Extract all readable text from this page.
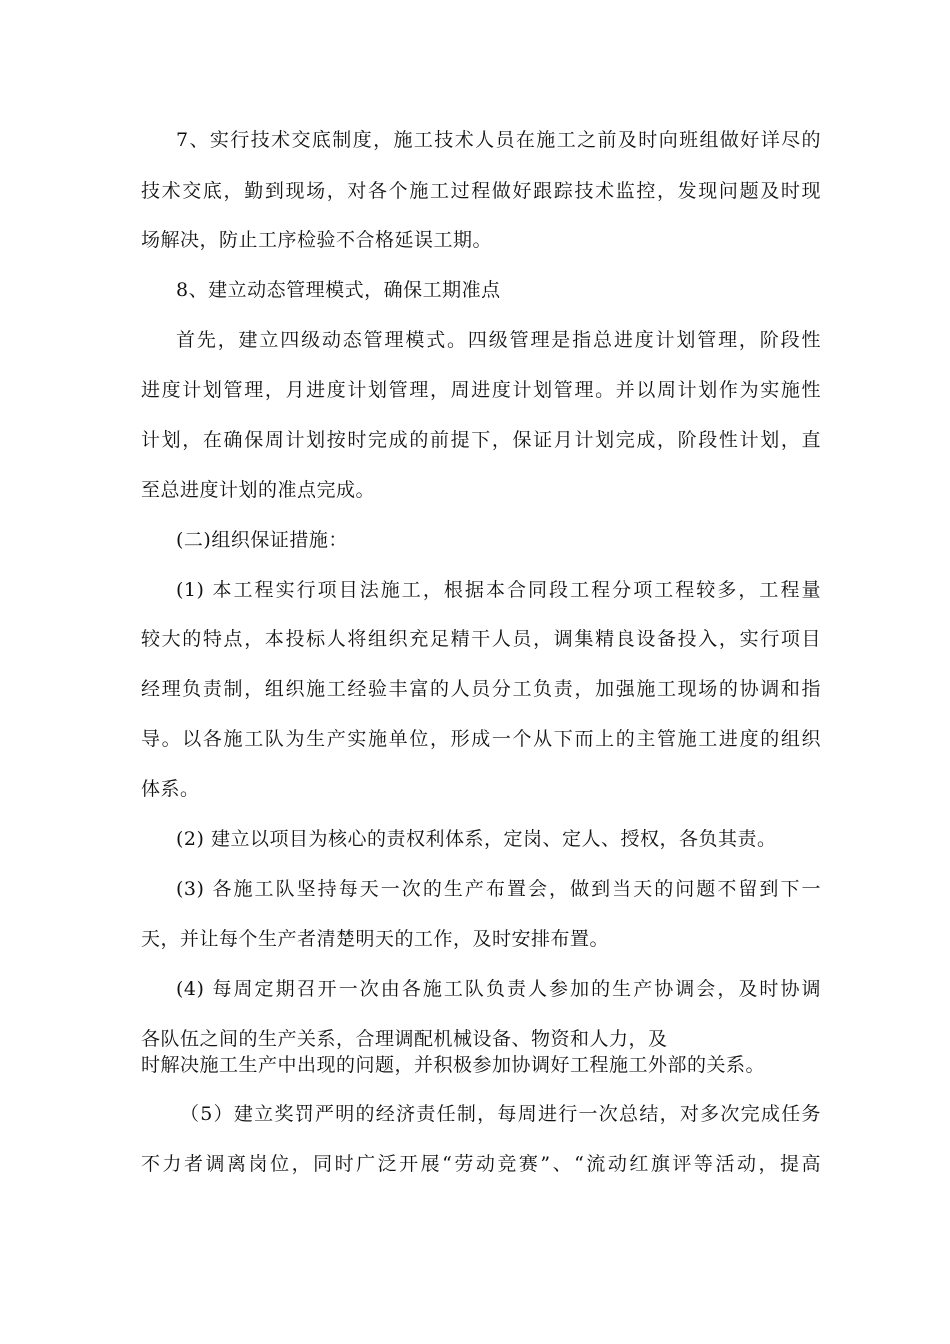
7、实行技术交底制度，施工技术人员在施工之前及时向班组做好详尽的
技术交底，勤到现场，对各个施工过程做好跟踪技术监控，发现问题及时现
场解决，防止工序检验不合格延误工期。
8、建立动态管理模式，确保工期准点
首先，建立四级动态管理模式。四级管理是指总进度计划管理，阶段性
进度计划管理，月进度计划管理，周进度计划管理。并以周计划作为实施性
计划，在确保周计划按时完成的前提下，保证月计划完成，阶段性计划，直
至总进度计划的准点完成。
(二)组织保证措施：
(1) 本工程实行项目法施工，根据本合同段工程分项工程较多，工程量
较大的特点，本投标人将组织充足精干人员，调集精良设备投入，实行项目
经理负责制，组织施工经验丰富的人员分工负责，加强施工现场的协调和指
导。以各施工队为生产实施单位，形成一个从下而上的主管施工进度的组织
体系。
(2) 建立以项目为核心的责权利体系，定岗、定人、授权，各负其责。
(3) 各施工队坚持每天一次的生产布置会，做到当天的问题不留到下一
天，并让每个生产者清楚明天的工作，及时安排布置。
(4) 每周定期召开一次由各施工队负责人参加的生产协调会，及时协调
各队伍之间的生产关系，合理调配机械设备、物资和人力，及
时解决施工生产中出现的问题，并积极参加协调好工程施工外部的关系。
（5）建立奖罚严明的经济责任制，每周进行一次总结，对多次完成任务
不力者调离岗位，同时广泛开展“劳动竞赛”、“流动红旗评等活动，提高
